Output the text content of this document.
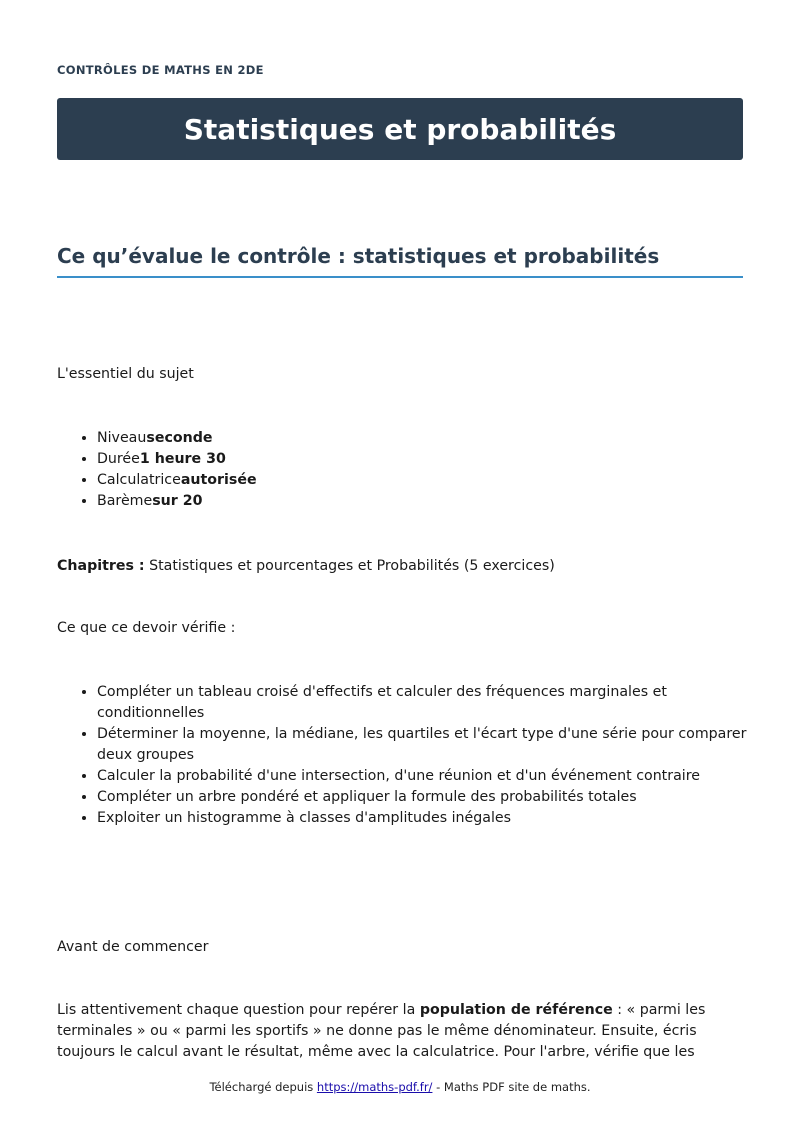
CONTRÔLES DE MATHS EN 2DE
Statistiques et probabilités
Ce qu’évalue le contrôle : statistiques et probabilités

L'essentiel du sujet

• Niveauseconde
• Durée1 heure 30
• Calculatriceautorisée
• Barèmesur 20

Chapitres : Statistiques et pourcentages et Probabilités (5 exercices)

Ce que ce devoir vérifie :

• Compléter un tableau croisé d'effectifs et calculer des fréquences marginales et conditionnelles
• Déterminer la moyenne, la médiane, les quartiles et l'écart type d'une série pour comparer deux groupes
• Calculer la probabilité d'une intersection, d'une réunion et d'un événement contraire
• Compléter un arbre pondéré et appliquer la formule des probabilités totales
• Exploiter un histogramme à classes d'amplitudes inégales

Avant de commencer

Lis attentivement chaque question pour repérer la population de référence : « parmi les terminales » ou « parmi les sportifs » ne donne pas le même dénominateur. Ensuite, écris toujours le calcul avant le résultat, même avec la calculatrice. Pour l'arbre, vérifie que les

Téléchargé depuis https://maths-pdf.fr/ - Maths PDF site de maths.
